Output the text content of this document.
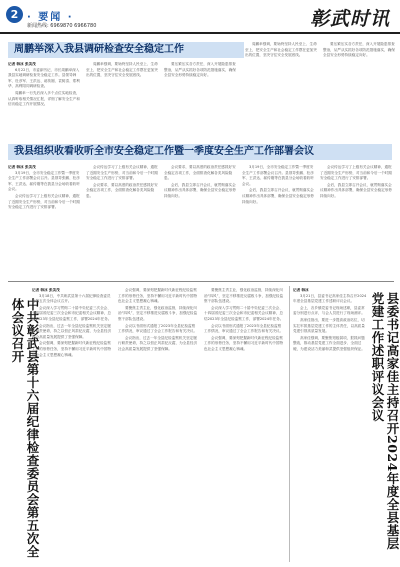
2 · 要闻 ·
新闻热线: 6969870 6966780	彰武时讯
周鹏举深入我县调研检查安全稳定工作
记者 韩冰 张美茂

6月22日，市委副书记、市长周鹏举深入我县实地调研检查安全稳定工作。县领导韩军、杜彦军、王洪达、郝传刚、袁树清、郑利华、高利陪同调研检查。

周鹏举一行先后深入多个点位实地检查，认真听取相关情况汇报，详细了解安全生产和信访稳定工作开展情况。

周鹏举强调，要始终坚持人民至上、生命至上，把安全生产和社会稳定工作摆在更加突出的位置，坚决守住安全发展底线。

要压紧压实各方责任，深入开展隐患排查整治，从严从实抓好各项防范措施落实，确保全县安全形势持续稳定向好。

周鹏举强调，要始终坚持人民至上、生命至上，把安全生产和社会稳定工作摆在更加突出的位置，坚决守住安全发展底线。

要压紧压实各方责任，深入开展隐患排查整治，从严从实抓好各项防范措施落实，确保全县安全形势持续稳定向好。

我县组织收看收听全市安全稳定工作暨一季度安全生产工作部署会议
记者 韩冰 张美茂

3月19日，全市安全稳定工作暨一季度安全生产工作部署会议召开。县领导张鹏、杜彦军、王洪达、郝传刚等在我县分会场收看收听会议。

会议传达学习了上级有关会议精神，通报了近期安全生产形势，对当前和今后一个时期安全稳定工作进行了安排部署。

会议传达学习了上级有关会议精神，通报了近期安全生产形势，对当前和今后一个时期安全稳定工作进行了安排部署。

会议要求，要以高度的政治责任感抓好安全稳定各项工作，全面排查化解各类风险隐患。

会议要求，要以高度的政治责任感抓好安全稳定各项工作，全面排查化解各类风险隐患。

会后，我县立即召开会议，就贯彻落实会议精神作出具体部署，确保全县安全稳定形势持续向好。

3月19日，全市安全稳定工作暨一季度安全生产工作部署会议召开。县领导张鹏、杜彦军、王洪达、郝传刚等在我县分会场收看收听会议。

会后，我县立即召开会议，就贯彻落实会议精神作出具体部署，确保全县安全稳定形势持续向好。

会议传达学习了上级有关会议精神，通报了近期安全生产形势，对当前和今后一个时期安全稳定工作进行了安排部署。

会后，我县立即召开会议，就贯彻落实会议精神作出具体部署，确保全县安全稳定形势持续向好。

中共彰武县第十六届纪律检查委员会第五次全体会议召开
记者 韩冰 张美茂

3月18日，中共彰武县第十六届纪律检查委员会第五次全体会议召开。

会议深入学习贯彻二十届中央纪委三次全会、十四届省纪委三次全会和市纪委相关会议精神，总结2023年全县纪检监察工作，部署2024年任务。

会议指出，过去一年全县纪检监察机关坚定履行职责使命，持之以恒正风肃纪反腐，为全县经济社会高质量发展提供了坚强保障。

会议强调，要深刻把握新时代新征程纪检监察工作的形势任务，坚持不懈用习近平新时代中国特色社会主义思想凝心铸魂。

会议强调，要深刻把握新时代新征程纪检监察工作的形势任务，坚持不懈用习近平新时代中国特色社会主义思想凝心铸魂。

要聚焦主责主业，强化政治监督，持续深化纠治“四风”，坚定不移推进反腐败斗争，加强纪检监察干部队伍建设。

会议以书面形式通报了2023年全县纪检监察工作情况，审议通过了全会工作报告和有关决议。

会议指出，过去一年全县纪检监察机关坚定履行职责使命，持之以恒正风肃纪反腐，为全县经济社会高质量发展提供了坚强保障。

要聚焦主责主业，强化政治监督，持续深化纠治“四风”，坚定不移推进反腐败斗争，加强纪检监察干部队伍建设。

会议深入学习贯彻二十届中央纪委三次全会、十四届省纪委三次全会和市纪委相关会议精神，总结2023年全县纪检监察工作，部署2024年任务。

会议以书面形式通报了2023年全县纪检监察工作情况，审议通过了全会工作报告和有关决议。

会议强调，要深刻把握新时代新征程纪检监察工作的形势任务，坚持不懈用习近平新时代中国特色社会主义思想凝心铸魂。

记者 韩冰

3月21日，县委书记高家佳主持召开2024年度全县基层党建工作述职评议会议。

会上，各乡镇党委书记现场述职，县委常委分别进行点评，与会人员进行了现场测评。

高家佳指出，要进一步提高政治站位，切实扛牢抓基层党建工作的主体责任，以高质量党建引领高质量发展。

高家佳强调，要聚焦短板弱项，狠抓问题整改，推动基层党建工作全面进步、全面过硬，为建设活力美丽彰武提供坚强组织保证。	县委书记高家佳主持召开2024年度全县基层党建工作述职评议会议
